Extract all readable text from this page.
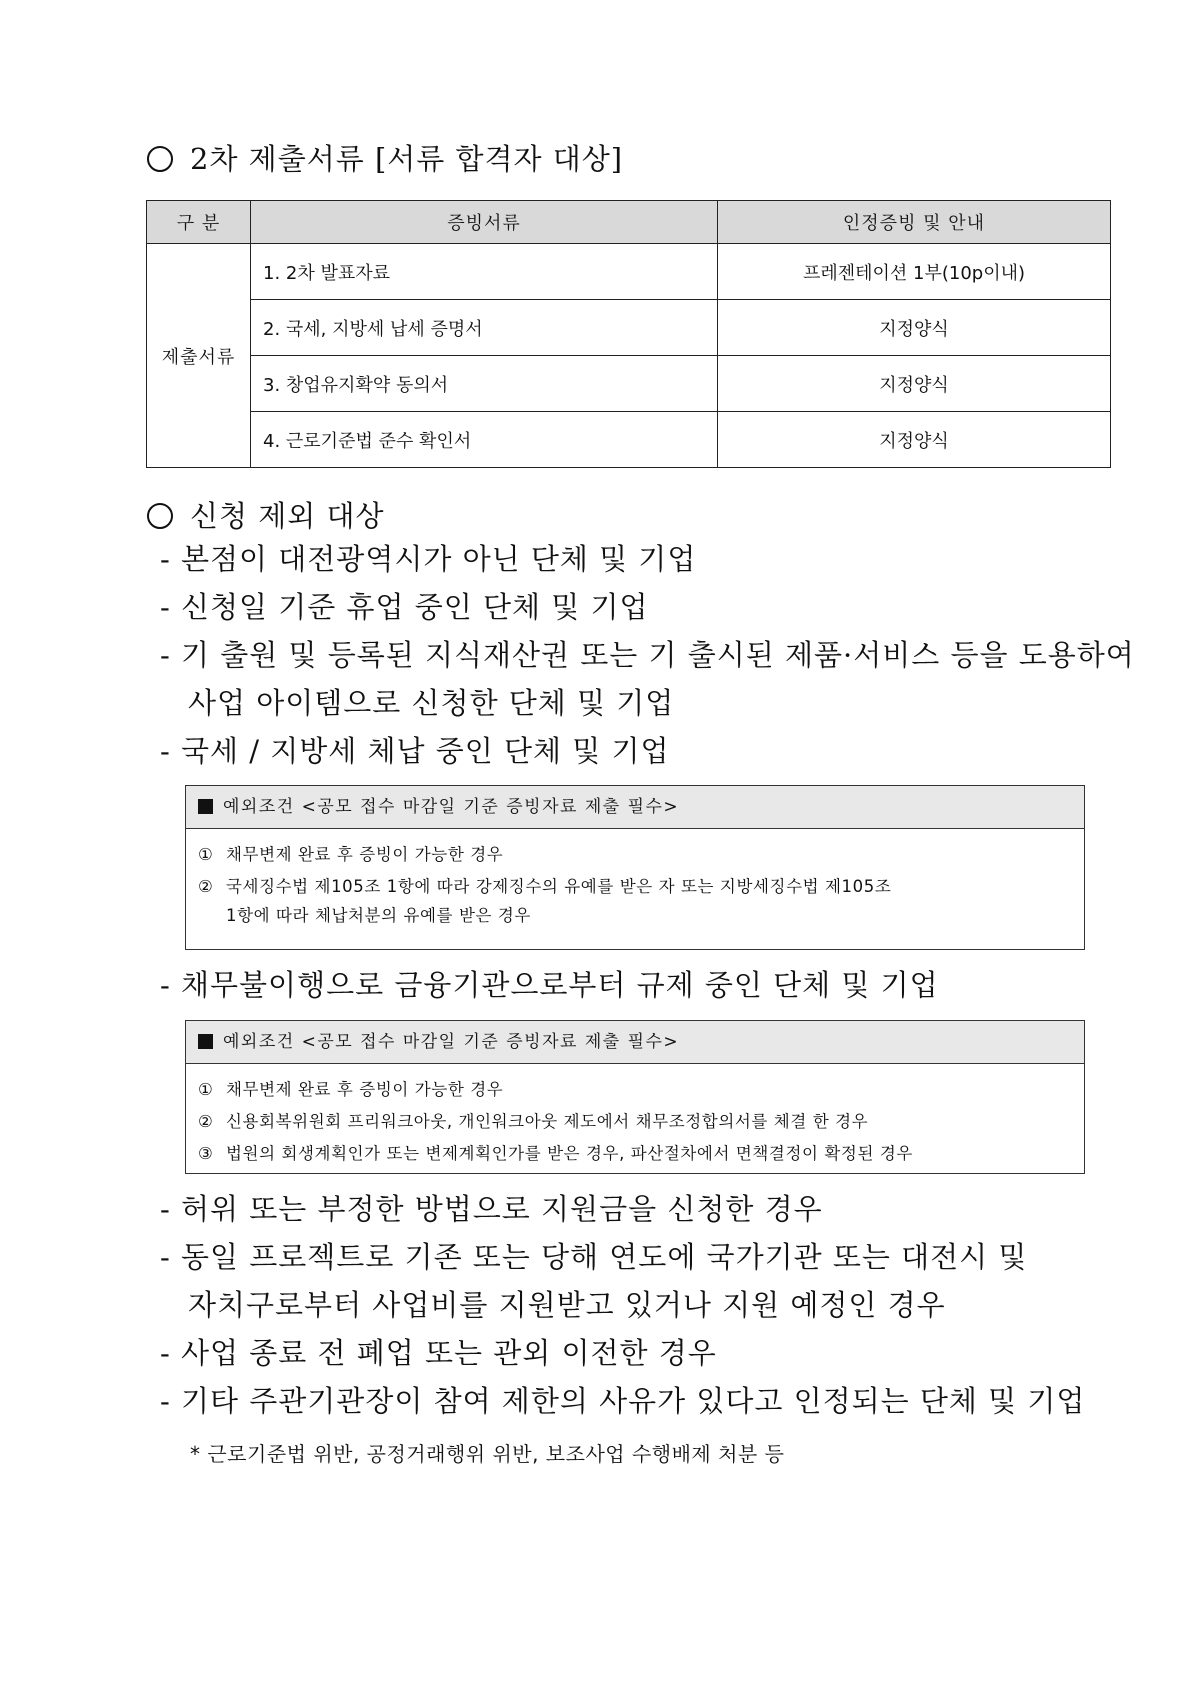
2차 제출서류 [서류 합격자 대상]
구 분	증빙서류	인정증빙 및 안내
제출서류	1. 2차 발표자료	프레젠테이션 1부(10p이내)
	2. 국세, 지방세 납세 증명서	지정양식
	3. 창업유지확약 동의서	지정양식
	4. 근로기준법 준수 확인서	지정양식
신청 제외 대상
- 본점이 대전광역시가 아닌 단체 및 기업
- 신청일 기준 휴업 중인 단체 및 기업
- 기 출원 및 등록된 지식재산권 또는 기 출시된 제품·서비스 등을 도용하여
사업 아이템으로 신청한 단체 및 기업
- 국세 / 지방세 체납 중인 단체 및 기업
예외조건 <공모 접수 마감일 기준 증빙자료 제출 필수>
① 채무변제 완료 후 증빙이 가능한 경우
② 국세징수법 제105조 1항에 따라 강제징수의 유예를 받은 자 또는 지방세징수법 제105조
1항에 따라 체납처분의 유예를 받은 경우
- 채무불이행으로 금융기관으로부터 규제 중인 단체 및 기업
예외조건 <공모 접수 마감일 기준 증빙자료 제출 필수>
① 채무변제 완료 후 증빙이 가능한 경우
② 신용회복위원회 프리워크아웃, 개인워크아웃 제도에서 채무조정합의서를 체결 한 경우
③ 법원의 회생계획인가 또는 변제계획인가를 받은 경우, 파산절차에서 면책결정이 확정된 경우
- 허위 또는 부정한 방법으로 지원금을 신청한 경우
- 동일 프로젝트로 기존 또는 당해 연도에 국가기관 또는 대전시 및
자치구로부터 사업비를 지원받고 있거나 지원 예정인 경우
- 사업 종료 전 폐업 또는 관외 이전한 경우
- 기타 주관기관장이 참여 제한의 사유가 있다고 인정되는 단체 및 기업
* 근로기준법 위반, 공정거래행위 위반, 보조사업 수행배제 처분 등
